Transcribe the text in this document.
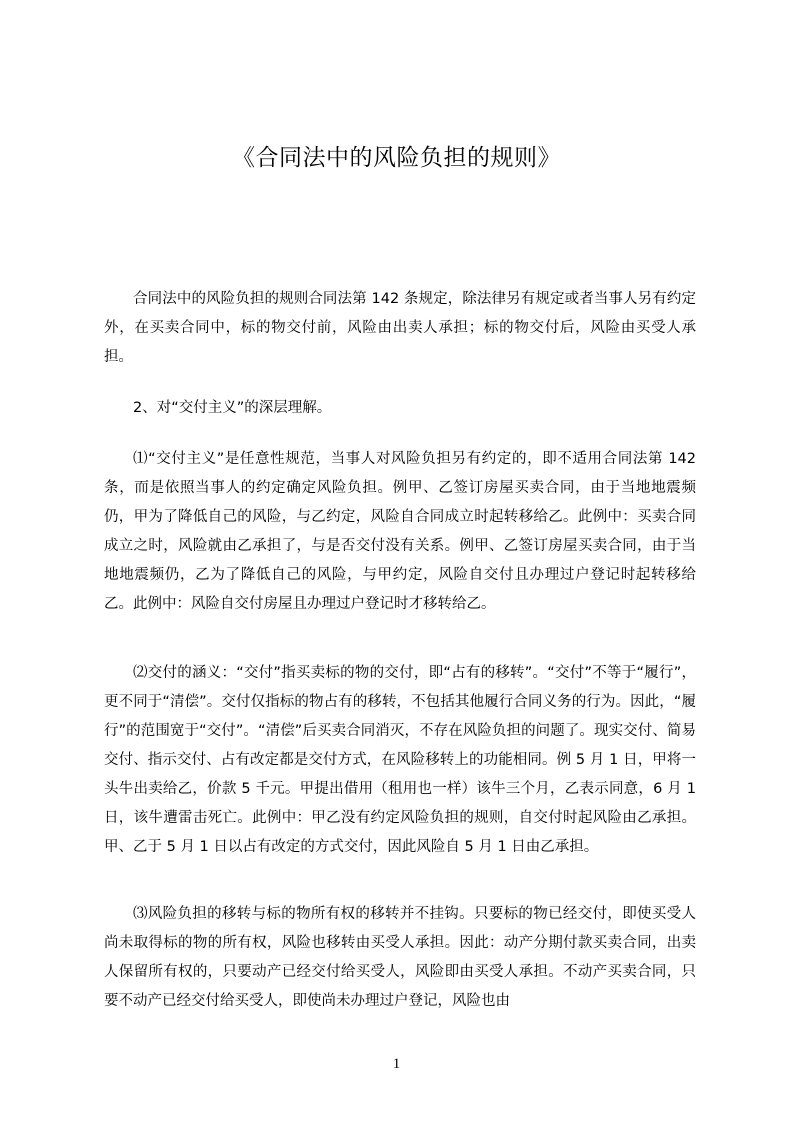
《合同法中的风险负担的规则》

合同法中的风险负担的规则合同法第 142 条规定，除法律另有规定或者当事人另有约定外，在买卖合同中，标的物交付前，风险由出卖人承担；标的物交付后，风险由买受人承担。

2、对“交付主义”的深层理解。

⑴“交付主义”是任意性规范，当事人对风险负担另有约定的，即不适用合同法第 142 条，而是依照当事人的约定确定风险负担。例甲、乙签订房屋买卖合同，由于当地地震频仍，甲为了降低自己的风险，与乙约定，风险自合同成立时起转移给乙。此例中：买卖合同成立之时，风险就由乙承担了，与是否交付没有关系。例甲、乙签订房屋买卖合同，由于当地地震频仍，乙为了降低自己的风险，与甲约定，风险自交付且办理过户登记时起转移给乙。此例中：风险自交付房屋且办理过户登记时才移转给乙。

⑵交付的涵义：“交付”指买卖标的物的交付，即“占有的移转”。“交付”不等于“履行”，更不同于“清偿”。交付仅指标的物占有的移转，不包括其他履行合同义务的行为。因此，“履行”的范围宽于“交付”。“清偿”后买卖合同消灭，不存在风险负担的问题了。现实交付、简易交付、指示交付、占有改定都是交付方式，在风险移转上的功能相同。例 5 月 1 日，甲将一头牛出卖给乙，价款 5 千元。甲提出借用（租用也一样）该牛三个月，乙表示同意，6 月 1 日，该牛遭雷击死亡。此例中：甲乙没有约定风险负担的规则，自交付时起风险由乙承担。甲、乙于 5 月 1 日以占有改定的方式交付，因此风险自 5 月 1 日由乙承担。

⑶风险负担的移转与标的物所有权的移转并不挂钩。只要标的物已经交付，即使买受人尚未取得标的物的所有权，风险也移转由买受人承担。因此：动产分期付款买卖合同，出卖人保留所有权的，只要动产已经交付给买受人，风险即由买受人承担。不动产买卖合同，只要不动产已经交付给买受人，即使尚未办理过户登记，风险也由

1
